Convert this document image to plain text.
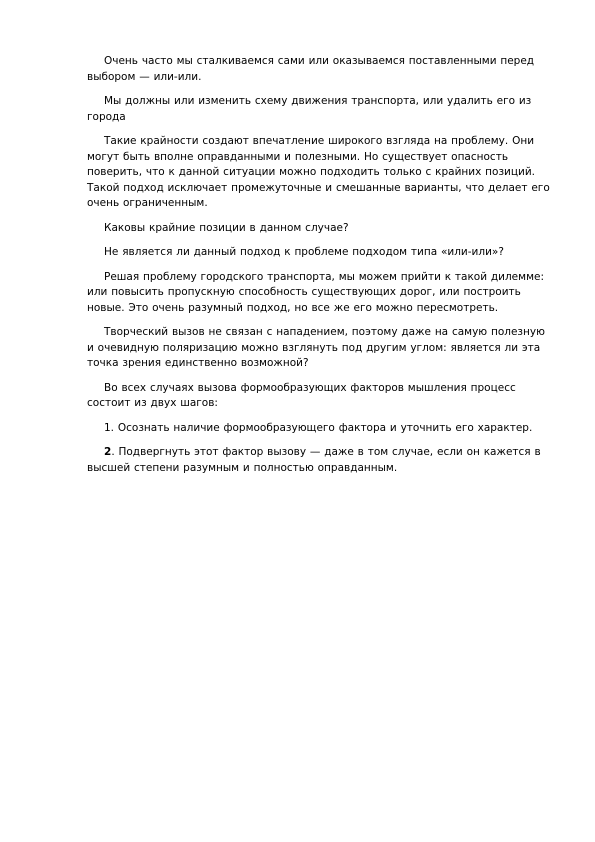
Очень часто мы сталкиваемся сами или оказываемся поставленными перед выбором — или-или.

Мы должны или изменить схему движения транспорта, или удалить его из города

Такие крайности создают впечатление широкого взгляда на проблему. Они могут быть вполне оправданными и полезными. Но существует опасность поверить, что к данной ситуации можно подходить только с крайних позиций. Такой подход исключает промежуточные и смешанные варианты, что делает его очень ограниченным.

Каковы крайние позиции в данном случае?

Не является ли данный подход к проблеме подходом типа «или-или»?

Решая проблему городского транспорта, мы можем прийти к такой дилемме: или повысить пропускную способность существующих дорог, или построить новые. Это очень разумный подход, но все же его можно пересмотреть.

Творческий вызов не связан с нападением, поэтому даже на самую полезную и очевидную поляризацию можно взглянуть под другим углом: является ли эта точка зрения единственно возможной?

Во всех случаях вызова формообразующих факторов мышления процесс состоит из двух шагов:

1. Осознать наличие формообразующего фактора и уточнить его характер.

2. Подвергнуть этот фактор вызову — даже в том случае, если он кажется в высшей степени разумным и полностью оправданным.
